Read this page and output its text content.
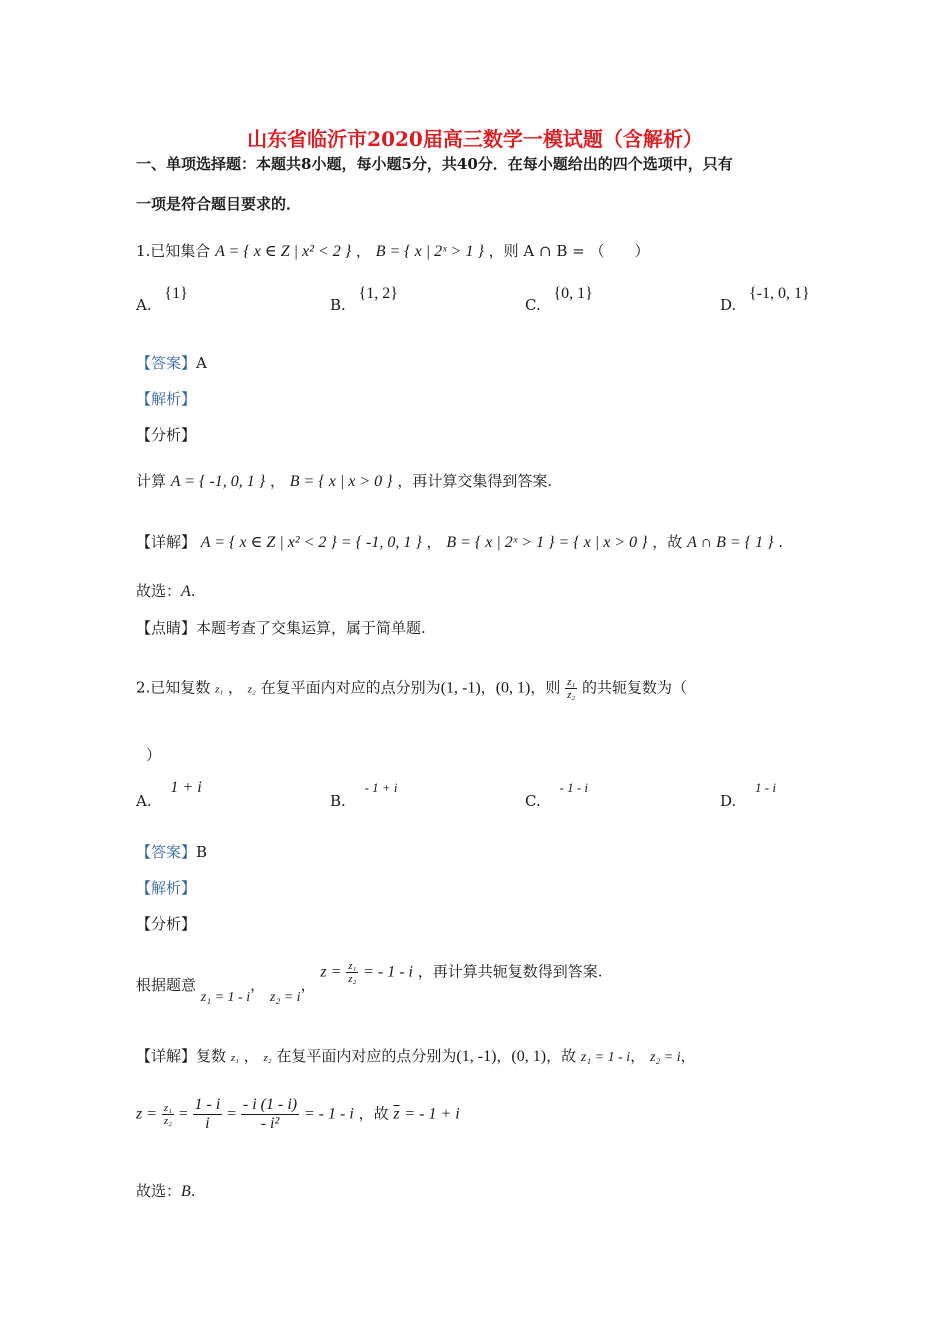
山东省临沂市2020届高三数学一模试题（含解析）
一、单项选择题：本题共8小题，每小题5分，共40分．在每小题给出的四个选项中，只有
一项是符合题目要求的．
1.已知集合 A = { x ∈ Z | x² < 2 } ， B = { x | 2ˣ > 1 } ，则 A ∩ B = （　　）
A. {1}
B. {1, 2}
C. {0, 1}
D. {-1, 0, 1}
【答案】A
【解析】
【分析】
计算 A = { -1, 0, 1 } ， B = { x | x > 0 } ，再计算交集得到答案.
【详解】 A = { x ∈ Z | x² < 2 } = { -1, 0, 1 } ， B = { x | 2ˣ > 1 } = { x | x > 0 } ，故 A ∩ B = { 1 } .
故选：A.
【点睛】本题考查了交集运算，属于简单题.
2.已知复数 z₁ ， z₂ 在复平面内对应的点分别为(1, -1)，(0, 1)，则 $\frac{\text{z₁}}{\text{z₂}}$ 的共轭复数为（
）
A. 1 + i
B. - 1 + i
C. - 1 - i
D. 1 - i
【答案】B
【解析】
【分析】
根据题意 z₁ = 1 - i， z₂ = i， $z = \frac{\text{z₁}}{\text{z₂}}$ = - 1 - i ，再计算共轭复数得到答案.
【详解】复数 z₁ ， z₂ 在复平面内对应的点分别为(1, -1)，(0, 1)，故 z₁ = 1 - i， z₂ = i，
$z = \frac{\text{z₁}}{\text{z₂}} = \frac{1 - i}{i} = \frac{- i (1 - i)}{\text{- i²}}$ = - 1 - i ，故 $\overline{z}$ = - 1 + i
故选：B.
